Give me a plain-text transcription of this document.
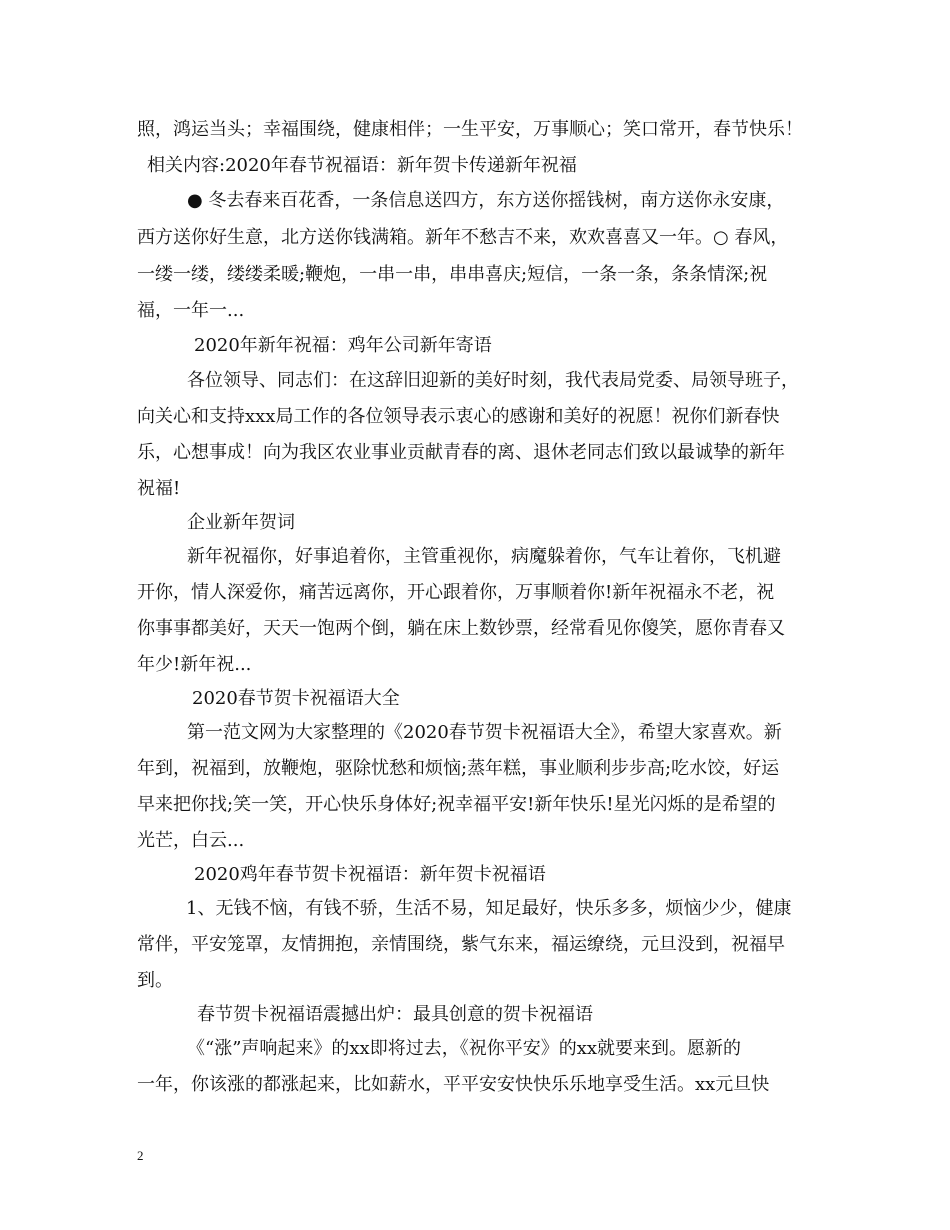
照，鸿运当头；幸福围绕，健康相伴；一生平安，万事顺心；笑口常开，春节快乐！
相关内容:2020年春节祝福语：新年贺卡传递新年祝福
● 冬去春来百花香，一条信息送四方，东方送你摇钱树，南方送你永安康，
西方送你好生意，北方送你钱满箱。新年不愁吉不来，欢欢喜喜又一年。○ 春风，
一缕一缕，缕缕柔暖;鞭炮，一串一串，串串喜庆;短信，一条一条，条条情深;祝
福，一年一...
2020年新年祝福：鸡年公司新年寄语
各位领导、同志们：在这辞旧迎新的美好时刻，我代表局党委、局领导班子，
向关心和支持xxx局工作的各位领导表示衷心的感谢和美好的祝愿！祝你们新春快
乐，心想事成！向为我区农业事业贡献青春的离、退休老同志们致以最诚挚的新年
祝福!
企业新年贺词
新年祝福你，好事追着你，主管重视你，病魔躲着你，气车让着你，飞机避
开你，情人深爱你，痛苦远离你，开心跟着你，万事顺着你!新年祝福永不老，祝
你事事都美好，天天一饱两个倒，躺在床上数钞票，经常看见你傻笑，愿你青春又
年少!新年祝...
2020春节贺卡祝福语大全
第一范文网为大家整理的《2020春节贺卡祝福语大全》，希望大家喜欢。新
年到，祝福到，放鞭炮，驱除忧愁和烦恼;蒸年糕，事业顺利步步高;吃水饺，好运
早来把你找;笑一笑，开心快乐身体好;祝幸福平安!新年快乐!星光闪烁的是希望的
光芒，白云...
2020鸡年春节贺卡祝福语：新年贺卡祝福语
1、无钱不恼，有钱不骄，生活不易，知足最好，快乐多多，烦恼少少，健康
常伴，平安笼罩，友情拥抱，亲情围绕，紫气东来，福运缭绕，元旦没到，祝福早
到。
春节贺卡祝福语震撼出炉：最具创意的贺卡祝福语
《“涨”声响起来》的xx即将过去，《祝你平安》的xx就要来到。愿新的
一年，你该涨的都涨起来，比如薪水，平平安安快快乐乐地享受生活。xx元旦快
2
